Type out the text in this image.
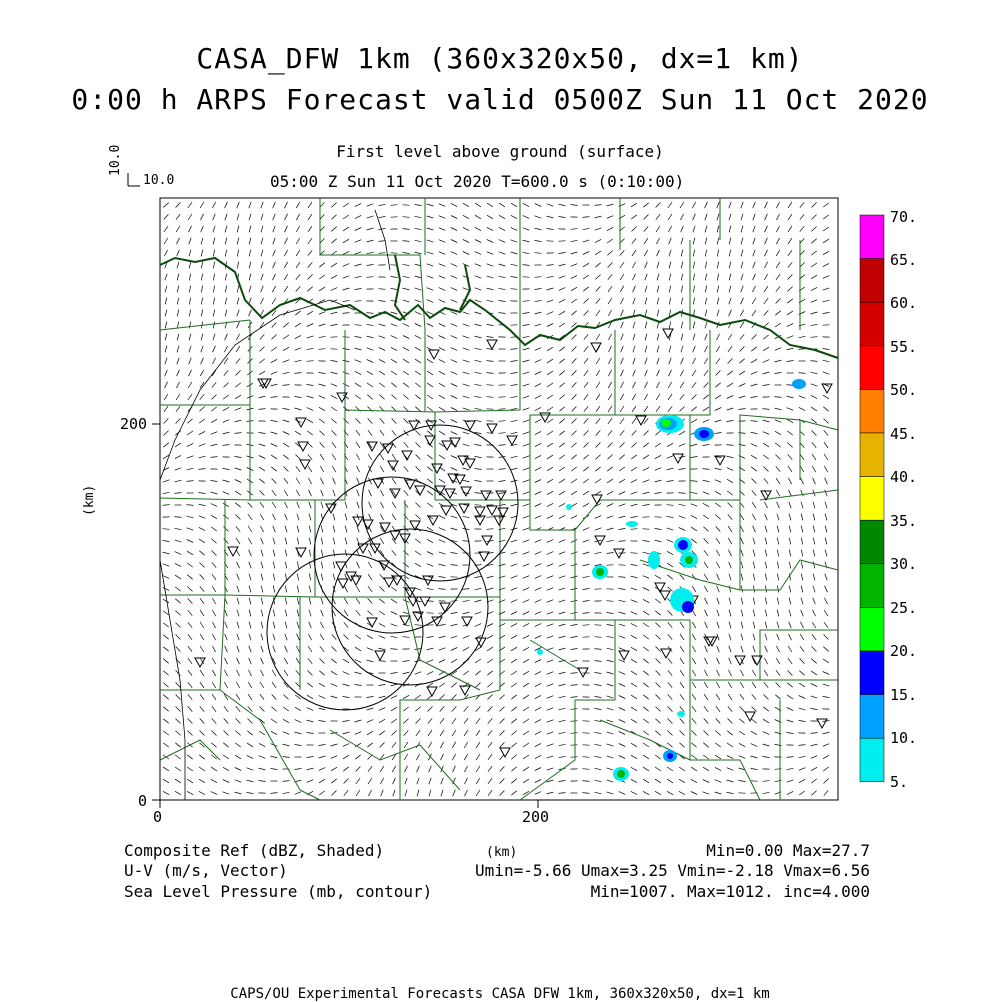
CASA_DFW 1km (360x320x50, dx=1 km)
0:00 h ARPS Forecast valid 0500Z Sun 11 Oct 2020
First level above ground (surface)
05:00 Z Sun 11 Oct 2020 T=600.0 s (0:10:00)
10.0
10.0
0	200
0
200
(km)
70.
65.
60.
55.
50.
45.
40.
35.
30.
25.
20.
15.
10.
5.
Composite Ref (dBZ, Shaded)
U-V (m/s, Vector)
Sea Level Pressure (mb, contour)
(km)	Min=0.00 Max=27.7
Umin=-5.66 Umax=3.25 Vmin=-2.18 Vmax=6.56
Min=1007. Max=1012. inc=4.000
CAPS/OU Experimental Forecasts CASA DFW 1km, 360x320x50, dx=1 km
